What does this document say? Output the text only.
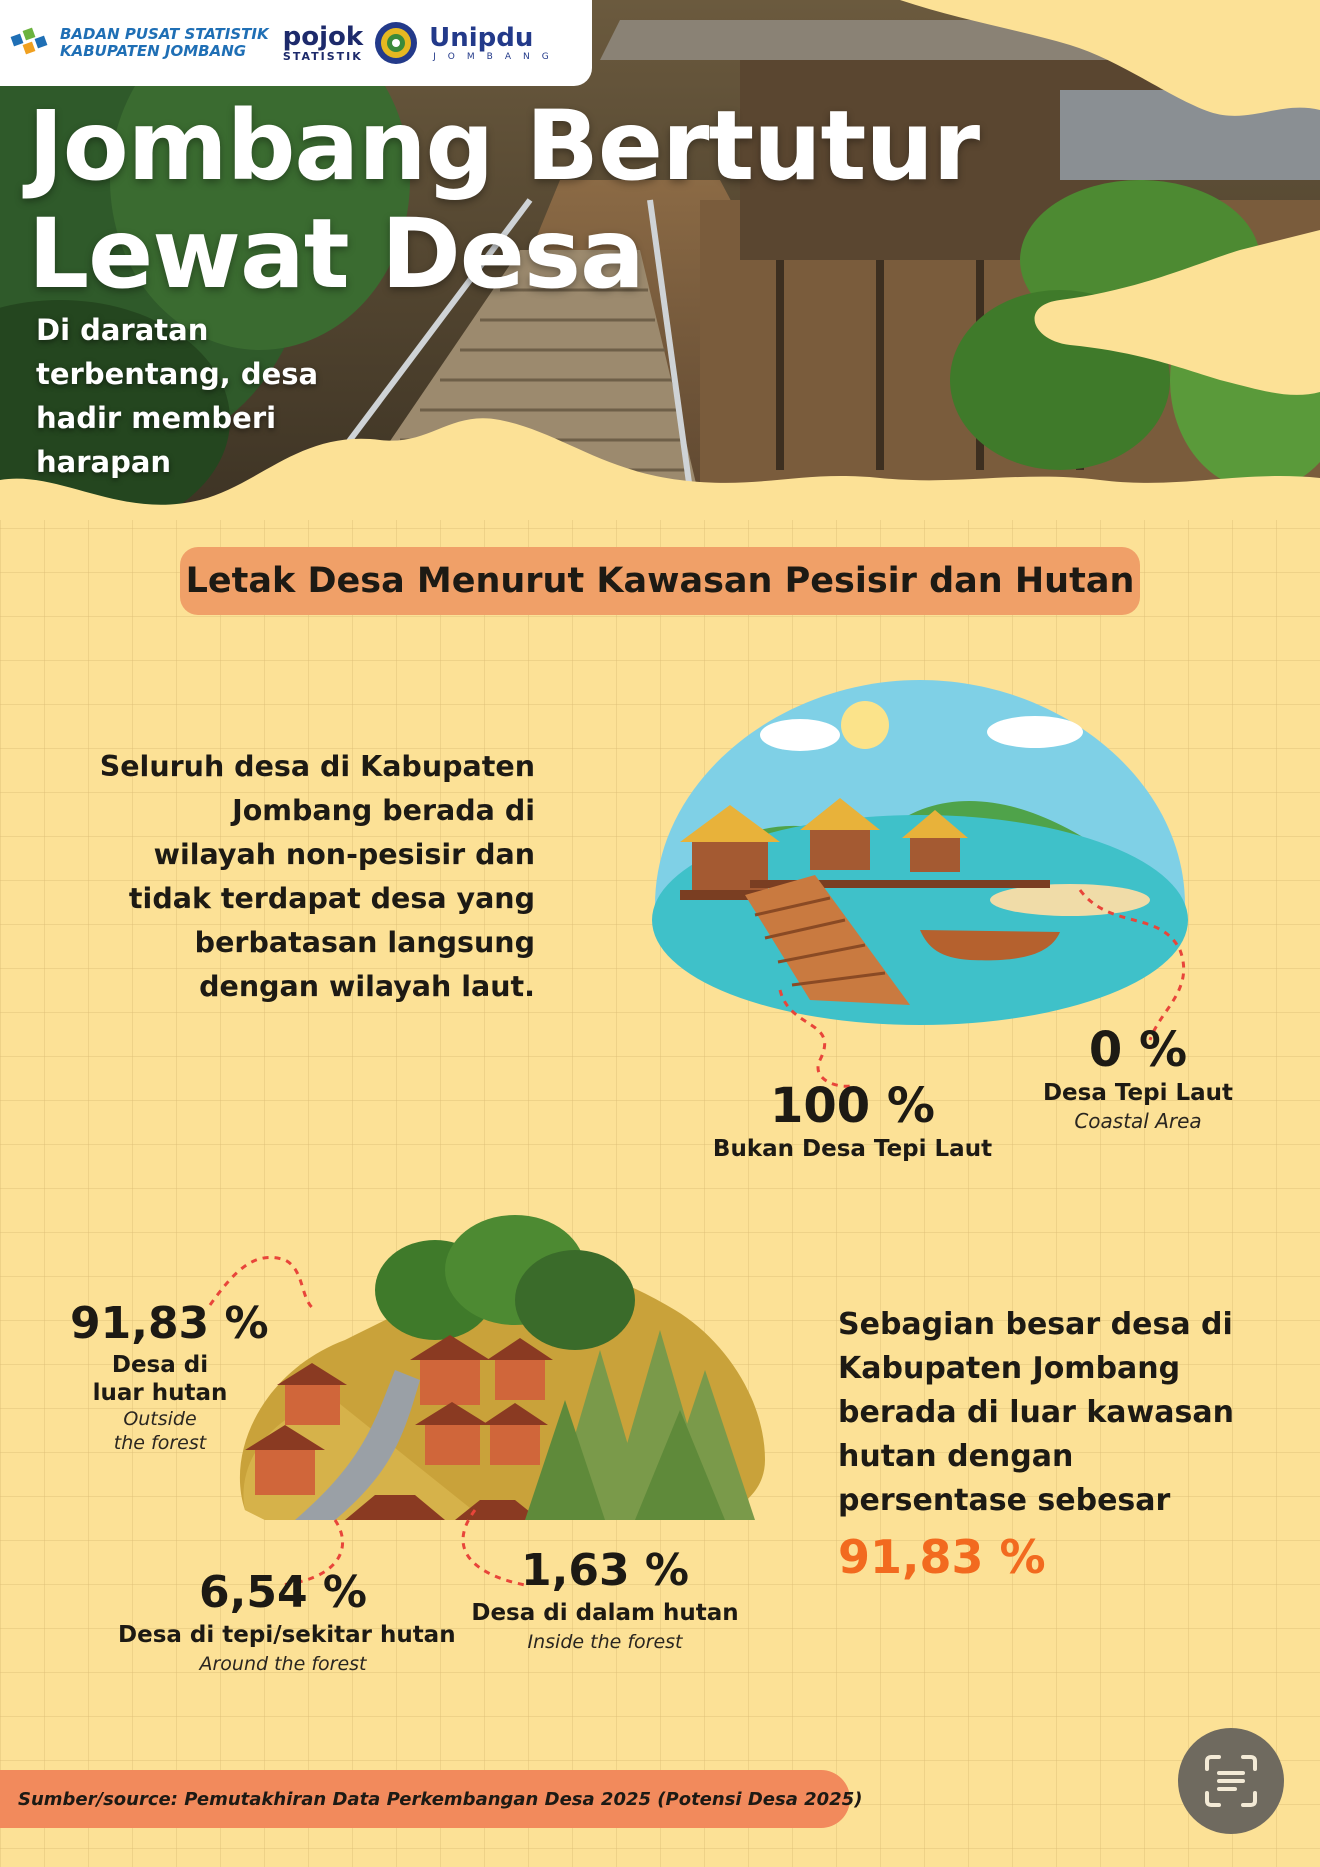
BADAN PUSAT STATISTIK
KABUPATEN JOMBANG	pojok
STATISTIK
Unipdu
JOMBANG
Jombang Bertutur
Lewat Desa
Di daratan
terbentang, desa
hadir memberi
harapan
Letak Desa Menurut Kawasan Pesisir dan Hutan
Seluruh desa di Kabupaten
Jombang berada di
wilayah non-pesisir dan
tidak terdapat desa yang
berbatasan langsung
dengan wilayah laut.
100 %
Bukan Desa Tepi Laut
0 %
Desa Tepi Laut
Coastal Area
91,83 %
Desa di
luar hutan
Outside
the forest
6,54 %
Desa di tepi/sekitar hutan
Around the forest
1,63 %
Desa di dalam hutan
Inside the forest
Sebagian besar desa di
Kabupaten Jombang
berada di luar kawasan
hutan dengan
persentase sebesar
91,83 %
Sumber/source: Pemutakhiran Data Perkembangan Desa 2025 (Potensi Desa 2025)
